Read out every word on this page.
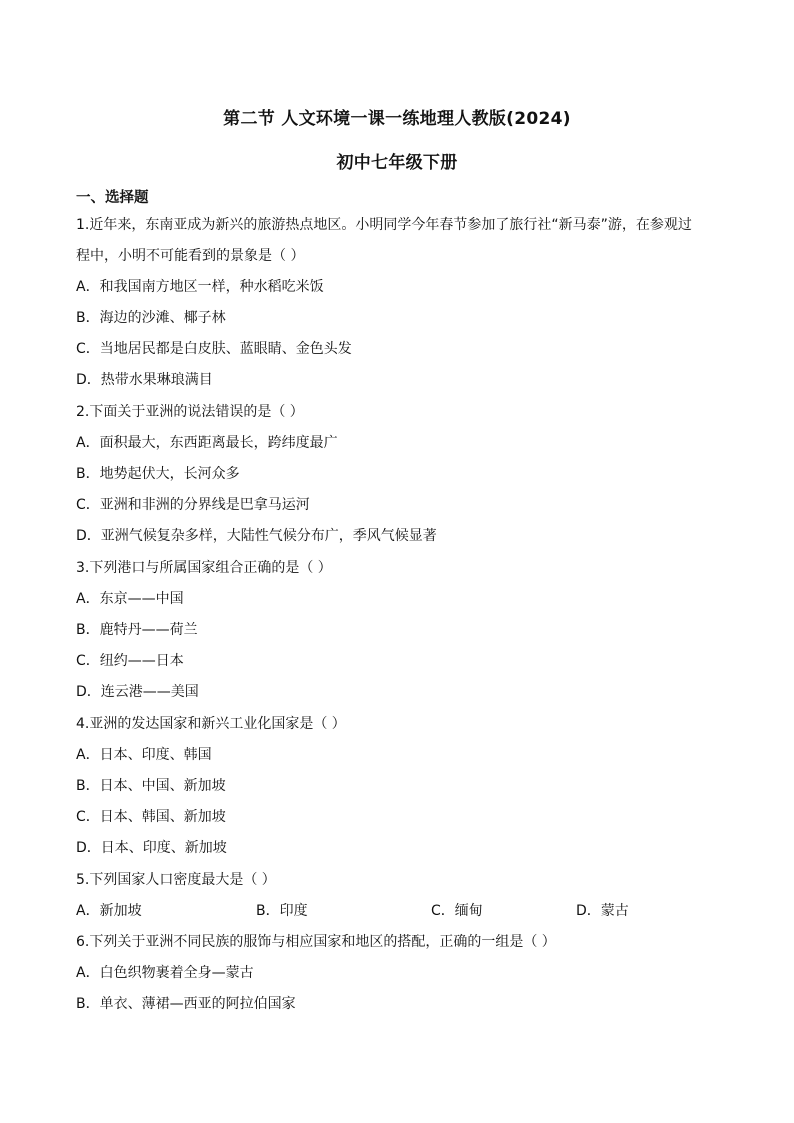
第二节 人文环境一课一练地理人教版(2024)
初中七年级下册
一、选择题
1.近年来，东南亚成为新兴的旅游热点地区。小明同学今年春节参加了旅行社“新马泰”游，在参观过
程中，小明不可能看到的景象是（ ）
A．和我国南方地区一样，种水稻吃米饭
B．海边的沙滩、椰子林
C．当地居民都是白皮肤、蓝眼睛、金色头发
D．热带水果琳琅满目
2.下面关于亚洲的说法错误的是（ ）
A．面积最大，东西距离最长，跨纬度最广
B．地势起伏大，长河众多
C．亚洲和非洲的分界线是巴拿马运河
D．亚洲气候复杂多样，大陆性气候分布广，季风气候显著
3.下列港口与所属国家组合正确的是（ ）
A．东京——中国
B．鹿特丹——荷兰
C．纽约——日本
D．连云港——美国
4.亚洲的发达国家和新兴工业化国家是（ ）
A．日本、印度、韩国
B．日本、中国、新加坡
C．日本、韩国、新加坡
D．日本、印度、新加坡
5.下列国家人口密度最大是（ ）
A．新加坡	B．印度	C．缅甸	D．蒙古
6.下列关于亚洲不同民族的服饰与相应国家和地区的搭配，正确的一组是（ ）
A．白色织物裹着全身—蒙古
B．单衣、薄裙—西亚的阿拉伯国家
